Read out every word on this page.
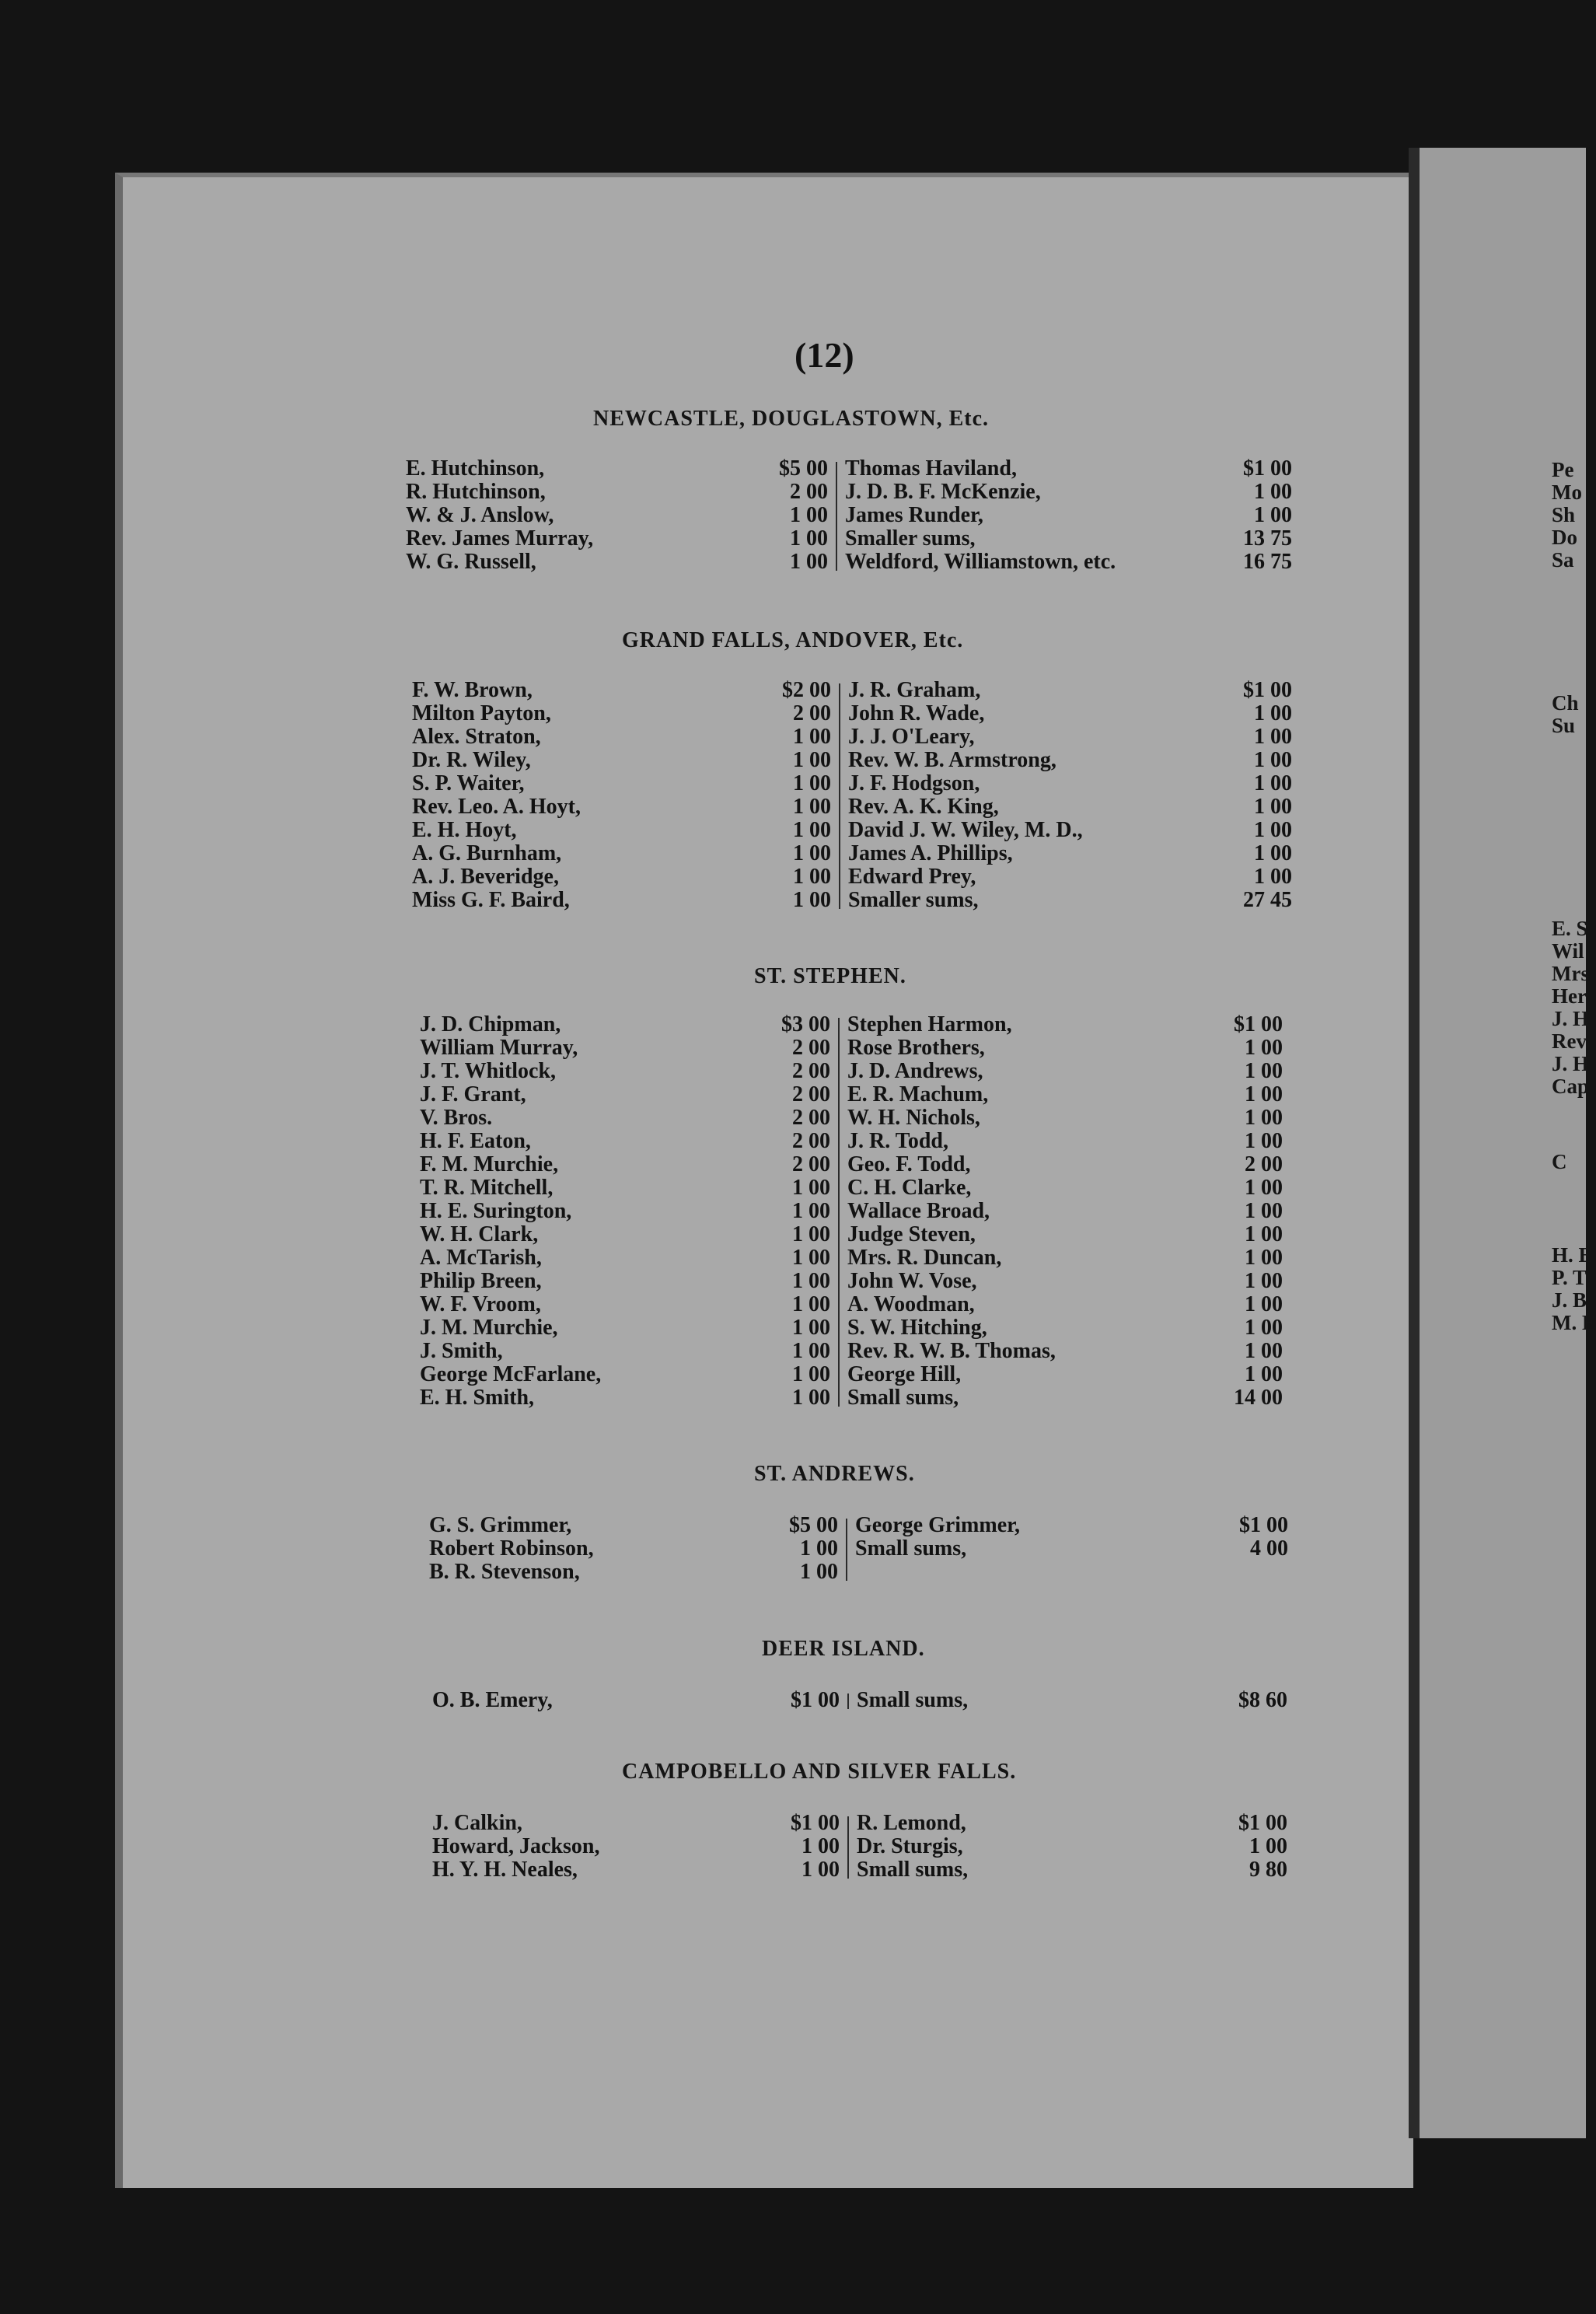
Pe
Mo
Sh
Do
Sa
Ch
Su
E. S
Wil
Mrs
Her
J. H
Rev
J. H
Cap
C
H. E
P. T
J. B
M. E
(12)
NEWCASTLE, DOUGLASTOWN, Etc.
GRAND FALLS, ANDOVER, Etc.
ST. STEPHEN.
ST. ANDREWS.
DEER ISLAND.
CAMPOBELLO AND SILVER FALLS.
E. Hutchinson,	$5 00 Thomas Haviland,	$1 00
R. Hutchinson,	2 00 J. D. B. F. McKenzie,	1 00
W. & J. Anslow,	1 00 James Runder,	1 00
Rev. James Murray,	1 00 Smaller sums,	13 75
W. G. Russell,	1 00 Weldford, Williamstown, etc.	16 75
F. W. Brown,	$2 00 J. R. Graham,	$1 00
Milton Payton,	2 00 John R. Wade,	1 00
Alex. Straton,	1 00 J. J. O'Leary,	1 00
Dr. R. Wiley,	1 00 Rev. W. B. Armstrong,	1 00
S. P. Waiter,	1 00 J. F. Hodgson,	1 00
Rev. Leo. A. Hoyt,	1 00 Rev. A. K. King,	1 00
E. H. Hoyt,	1 00 David J. W. Wiley, M. D.,	1 00
A. G. Burnham,	1 00 James A. Phillips,	1 00
A. J. Beveridge,	1 00 Edward Prey,	1 00
Miss G. F. Baird,	1 00 Smaller sums,	27 45
J. D. Chipman,	$3 00 Stephen Harmon,	$1 00
William Murray,	2 00 Rose Brothers,	1 00
J. T. Whitlock,	2 00 J. D. Andrews,	1 00
J. F. Grant,	2 00 E. R. Machum,	1 00
V. Bros.	2 00 W. H. Nichols,	1 00
H. F. Eaton,	2 00 J. R. Todd,	1 00
F. M. Murchie,	2 00 Geo. F. Todd,	2 00
T. R. Mitchell,	1 00 C. H. Clarke,	1 00
H. E. Surington,	1 00 Wallace Broad,	1 00
W. H. Clark,	1 00 Judge Steven,	1 00
A. McTarish,	1 00 Mrs. R. Duncan,	1 00
Philip Breen,	1 00 John W. Vose,	1 00
W. F. Vroom,	1 00 A. Woodman,	1 00
J. M. Murchie,	1 00 S. W. Hitching,	1 00
J. Smith,	1 00 Rev. R. W. B. Thomas,	1 00
George McFarlane,	1 00 George Hill,	1 00
E. H. Smith,	1 00 Small sums,	14 00
G. S. Grimmer,	$5 00 George Grimmer,	$1 00
Robert Robinson,	1 00 Small sums,	4 00
B. R. Stevenson,	1 00
O. B. Emery,	$1 00 Small sums,	$8 60
J. Calkin,	$1 00 R. Lemond,	$1 00
Howard, Jackson,	1 00 Dr. Sturgis,	1 00
H. Y. H. Neales,	1 00 Small sums,	9 80
